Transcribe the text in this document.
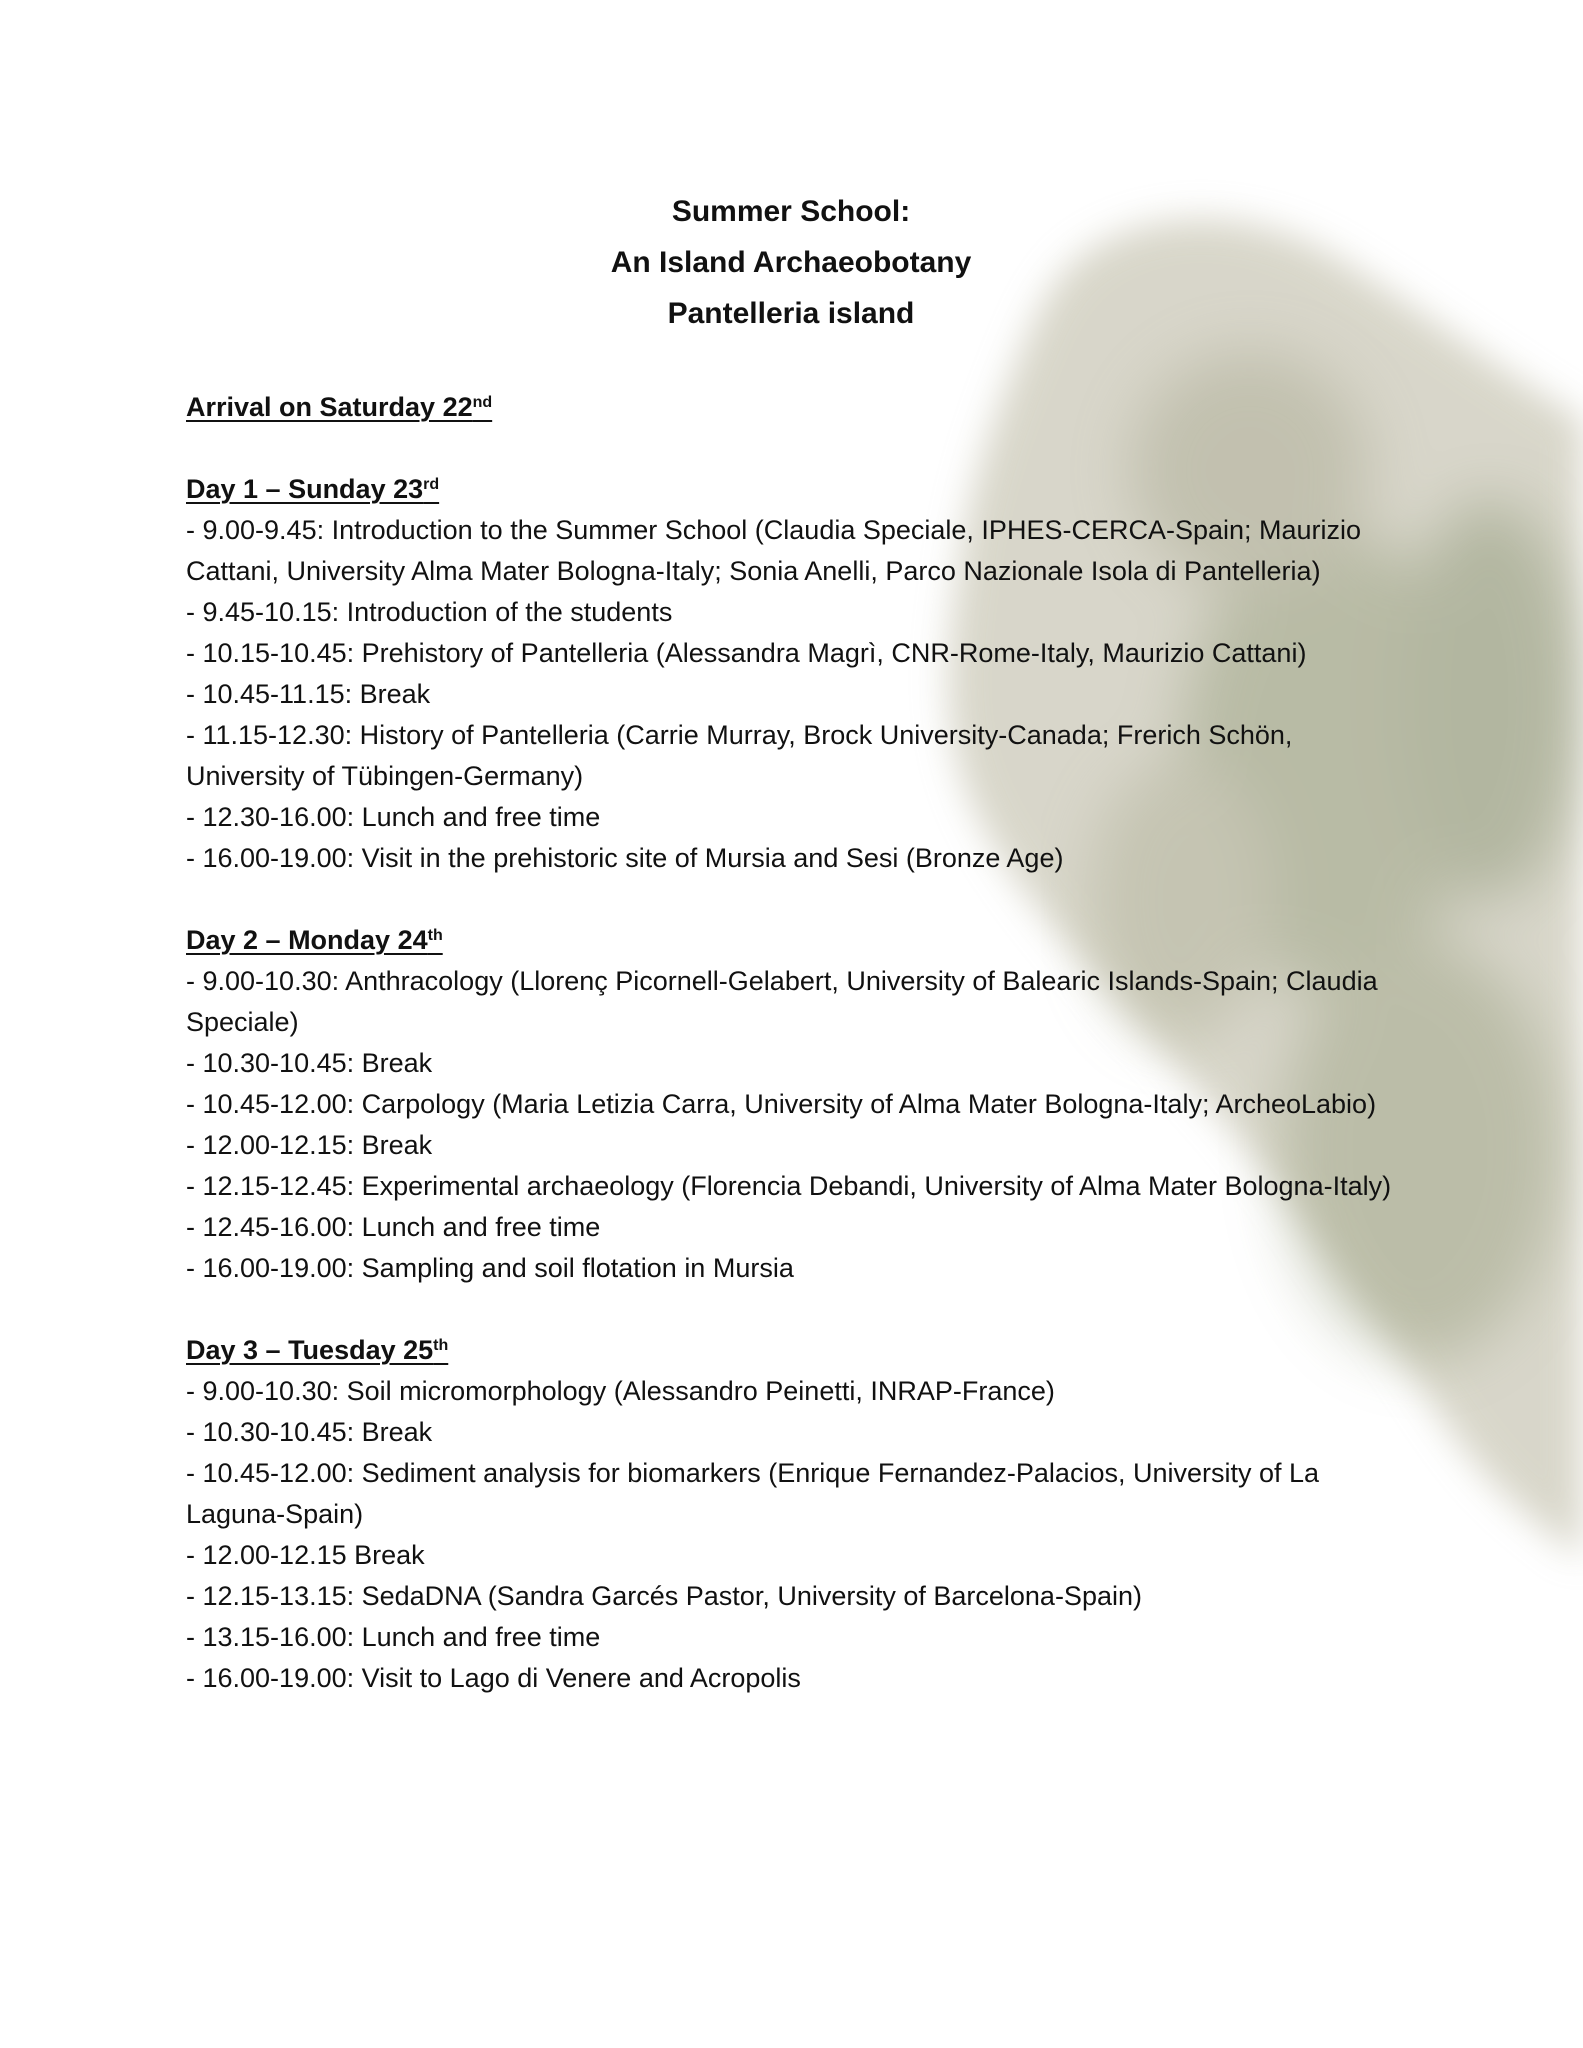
Summer School:
An Island Archaeobotany
Pantelleria island
Arrival on Saturday 22nd
Day 1 – Sunday 23rd
- 9.00-9.45: Introduction to the Summer School (Claudia Speciale, IPHES-CERCA-Spain; Maurizio Cattani, University Alma Mater Bologna-Italy; Sonia Anelli, Parco Nazionale Isola di Pantelleria)
- 9.45-10.15: Introduction of the students
- 10.15-10.45: Prehistory of Pantelleria (Alessandra Magrì, CNR-Rome-Italy, Maurizio Cattani)
- 10.45-11.15: Break
- 11.15-12.30: History of Pantelleria (Carrie Murray, Brock University-Canada; Frerich Schön, University of Tübingen-Germany)
- 12.30-16.00: Lunch and free time
- 16.00-19.00: Visit in the prehistoric site of Mursia and Sesi (Bronze Age)
Day 2 – Monday 24th
- 9.00-10.30: Anthracology (Llorenç Picornell-Gelabert, University of Balearic Islands-Spain; Claudia Speciale)
- 10.30-10.45: Break
- 10.45-12.00: Carpology (Maria Letizia Carra, University of Alma Mater Bologna-Italy; ArcheoLabio)
- 12.00-12.15: Break
- 12.15-12.45: Experimental archaeology (Florencia Debandi, University of Alma Mater Bologna-Italy)
- 12.45-16.00: Lunch and free time
- 16.00-19.00: Sampling and soil flotation in Mursia
Day 3 – Tuesday 25th
- 9.00-10.30: Soil micromorphology (Alessandro Peinetti, INRAP-France)
- 10.30-10.45: Break
- 10.45-12.00: Sediment analysis for biomarkers (Enrique Fernandez-Palacios, University of La Laguna-Spain)
- 12.00-12.15 Break
- 12.15-13.15: SedaDNA (Sandra Garcés Pastor, University of Barcelona-Spain)
- 13.15-16.00: Lunch and free time
- 16.00-19.00: Visit to Lago di Venere and Acropolis
